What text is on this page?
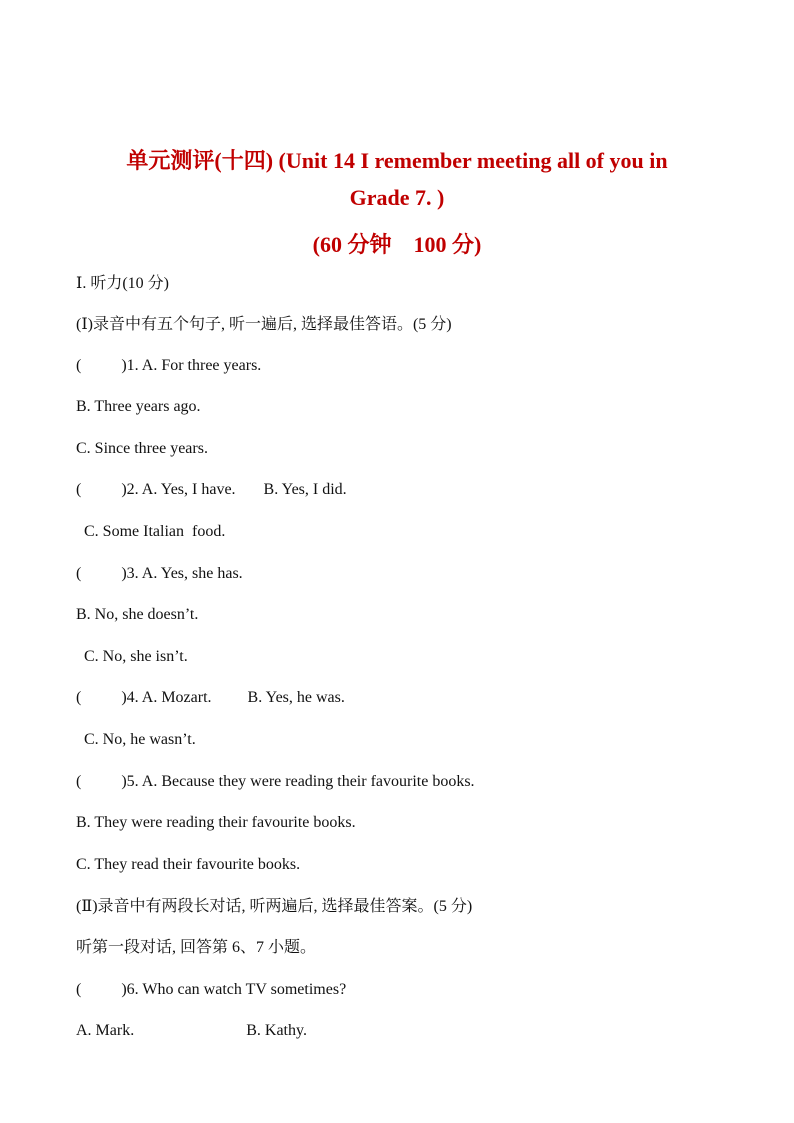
单元测评(十四) (Unit 14 I remember meeting all of you in
Grade 7. )
(60 分钟　100 分)
Ⅰ. 听力(10 分)
(Ⅰ)录音中有五个句子, 听一遍后, 选择最佳答语。(5 分)
(          )1. A. For three years.
B. Three years ago.
C. Since three years.
(          )2. A. Yes, I have.       B. Yes, I did.
C. Some Italian  food.
(          )3. A. Yes, she has.
B. No, she doesn’t.
C. No, she isn’t.
(          )4. A. Mozart.         B. Yes, he was.
C. No, he wasn’t.
(          )5. A. Because they were reading their favourite books.
B. They were reading their favourite books.
C. They read their favourite books.
(Ⅱ)录音中有两段长对话, 听两遍后, 选择最佳答案。(5 分)
听第一段对话, 回答第 6、7 小题。
(          )6. Who can watch TV sometimes?
A. Mark.                            B. Kathy.
